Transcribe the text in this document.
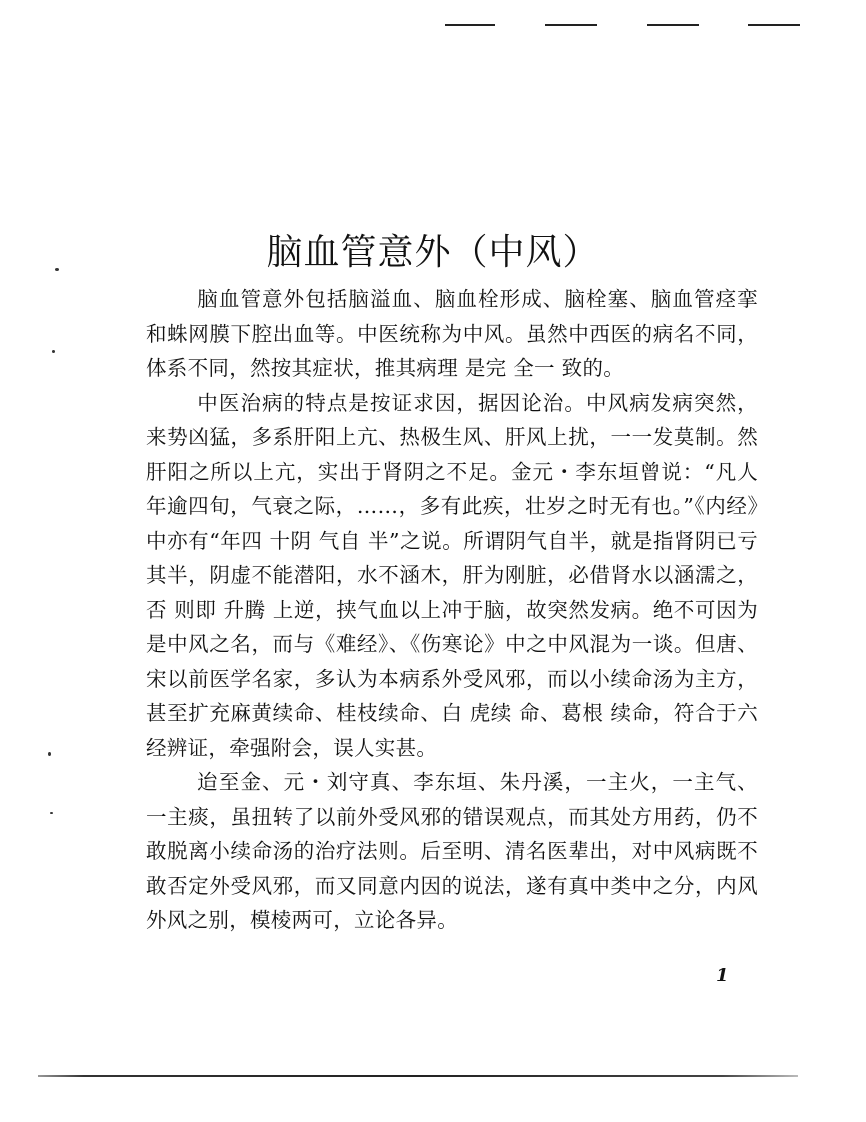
脑血管意外（中风）

脑血管意外包括脑溢血、脑血栓形成、脑栓塞、脑血管痉挛和蛛网膜下腔出血等。中医统称为中风。虽然中西医的病名不同，体系不同，然按其症状，推其病理 是完 全一 致的。

中医治病的特点是按证求因，据因论治。中风病发病突然，来势凶猛，多系肝阳上亢、热极生风、肝风上扰，一一发莫制。然肝阳之所以上亢，实出于肾阴之不足。金元・李东垣曾说：“凡人年逾四旬，气衰之际，……，多有此疾，壮岁之时无有也。”《内经》中亦有“年四 十阴 气自 半”之说。所谓阴气自半，就是指肾阴已亏其半，阴虚不能潜阳，水不涵木，肝为刚脏，必借肾水以涵濡之，否 则即 升腾 上逆，挟气血以上冲于脑，故突然发病。绝不可因为是中风之名，而与《难经》、《伤寒论》中之中风混为一谈。但唐、宋以前医学名家，多认为本病系外受风邪，而以小续命汤为主方，甚至扩充麻黄续命、桂枝续命、白 虎续 命、葛根 续命，符合于六经辨证，牵强附会，误人实甚。

迨至金、元・刘守真、李东垣、朱丹溪，一主火，一主气、一主痰，虽扭转了以前外受风邪的错误观点，而其处方用药，仍不敢脱离小续命汤的治疗法则。后至明、清名医辈出，对中风病既不敢否定外受风邪，而又同意内因的说法，遂有真中类中之分，内风外风之别，模棱两可，立论各异。

1
